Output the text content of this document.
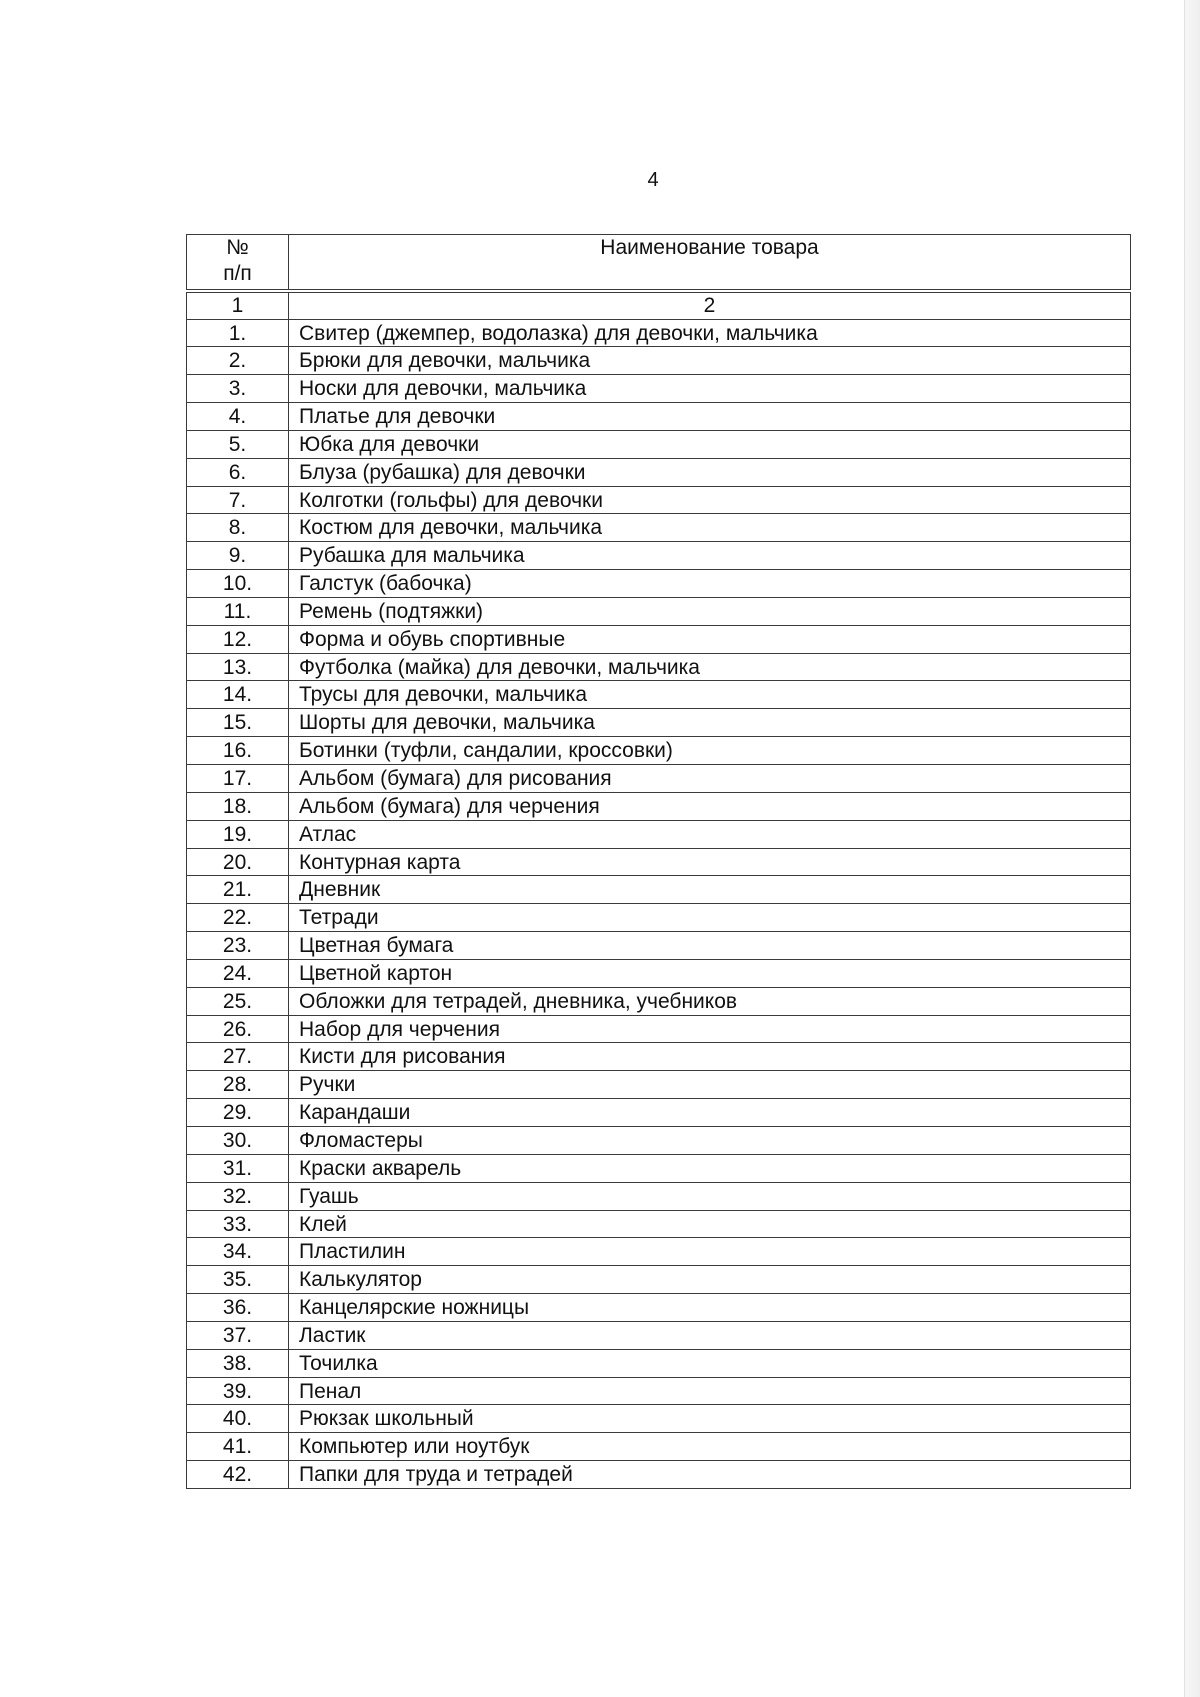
4
№
п/п	Наименование товара
1	2
1.	Свитер (джемпер, водолазка) для девочки, мальчика
2.	Брюки для девочки, мальчика
3.	Носки для девочки, мальчика
4.	Платье для девочки
5.	Юбка для девочки
6.	Блуза (рубашка) для девочки
7.	Колготки (гольфы) для девочки
8.	Костюм для девочки, мальчика
9.	Рубашка для мальчика
10.	Галстук (бабочка)
11.	Ремень (подтяжки)
12.	Форма и обувь спортивные
13.	Футболка (майка) для девочки, мальчика
14.	Трусы для девочки, мальчика
15.	Шорты для девочки, мальчика
16.	Ботинки (туфли, сандалии, кроссовки)
17.	Альбом (бумага) для рисования
18.	Альбом (бумага) для черчения
19.	Атлас
20.	Контурная карта
21.	Дневник
22.	Тетради
23.	Цветная бумага
24.	Цветной картон
25.	Обложки для тетрадей, дневника, учебников
26.	Набор для черчения
27.	Кисти для рисования
28.	Ручки
29.	Карандаши
30.	Фломастеры
31.	Краски акварель
32.	Гуашь
33.	Клей
34.	Пластилин
35.	Калькулятор
36.	Канцелярские ножницы
37.	Ластик
38.	Точилка
39.	Пенал
40.	Рюкзак школьный
41.	Компьютер или ноутбук
42.	Папки для труда и тетрадей
